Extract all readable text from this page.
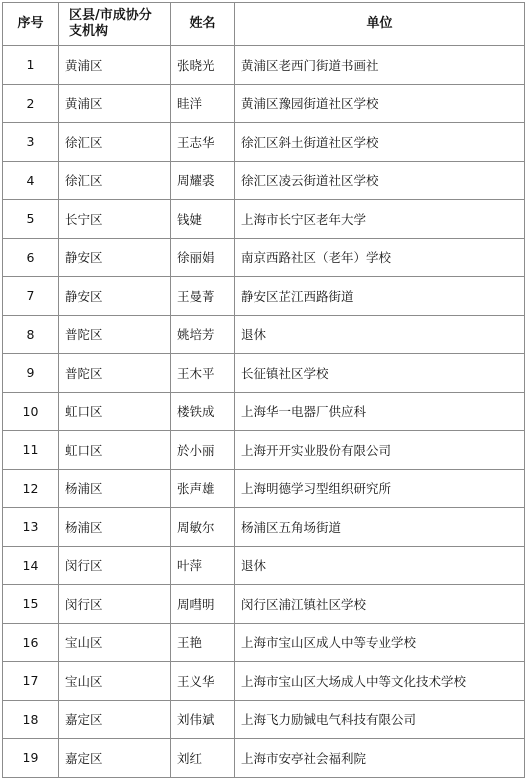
序号	区县/市成协分支机构	姓名	单位
1	黄浦区	张晓光	黄浦区老西门街道书画社
2	黄浦区	眭洋	黄浦区豫园街道社区学校
3	徐汇区	王志华	徐汇区斜土街道社区学校
4	徐汇区	周耀裘	徐汇区凌云街道社区学校
5	长宁区	钱婕	上海市长宁区老年大学
6	静安区	徐丽娟	南京西路社区（老年）学校
7	静安区	王曼菁	静安区芷江西路街道
8	普陀区	姚培芳	退休
9	普陀区	王木平	长征镇社区学校
10	虹口区	楼铁成	上海华一电器厂供应科
11	虹口区	於小丽	上海开开实业股份有限公司
12	杨浦区	张声雄	上海明德学习型组织研究所
13	杨浦区	周敏尔	杨浦区五角场街道
14	闵行区	叶萍	退休
15	闵行区	周嘒明	闵行区浦江镇社区学校
16	宝山区	王艳	上海市宝山区成人中等专业学校
17	宝山区	王义华	上海市宝山区大场成人中等文化技术学校
18	嘉定区	刘伟斌	上海飞力励铖电气科技有限公司
19	嘉定区	刘红	上海市安亭社会福利院
